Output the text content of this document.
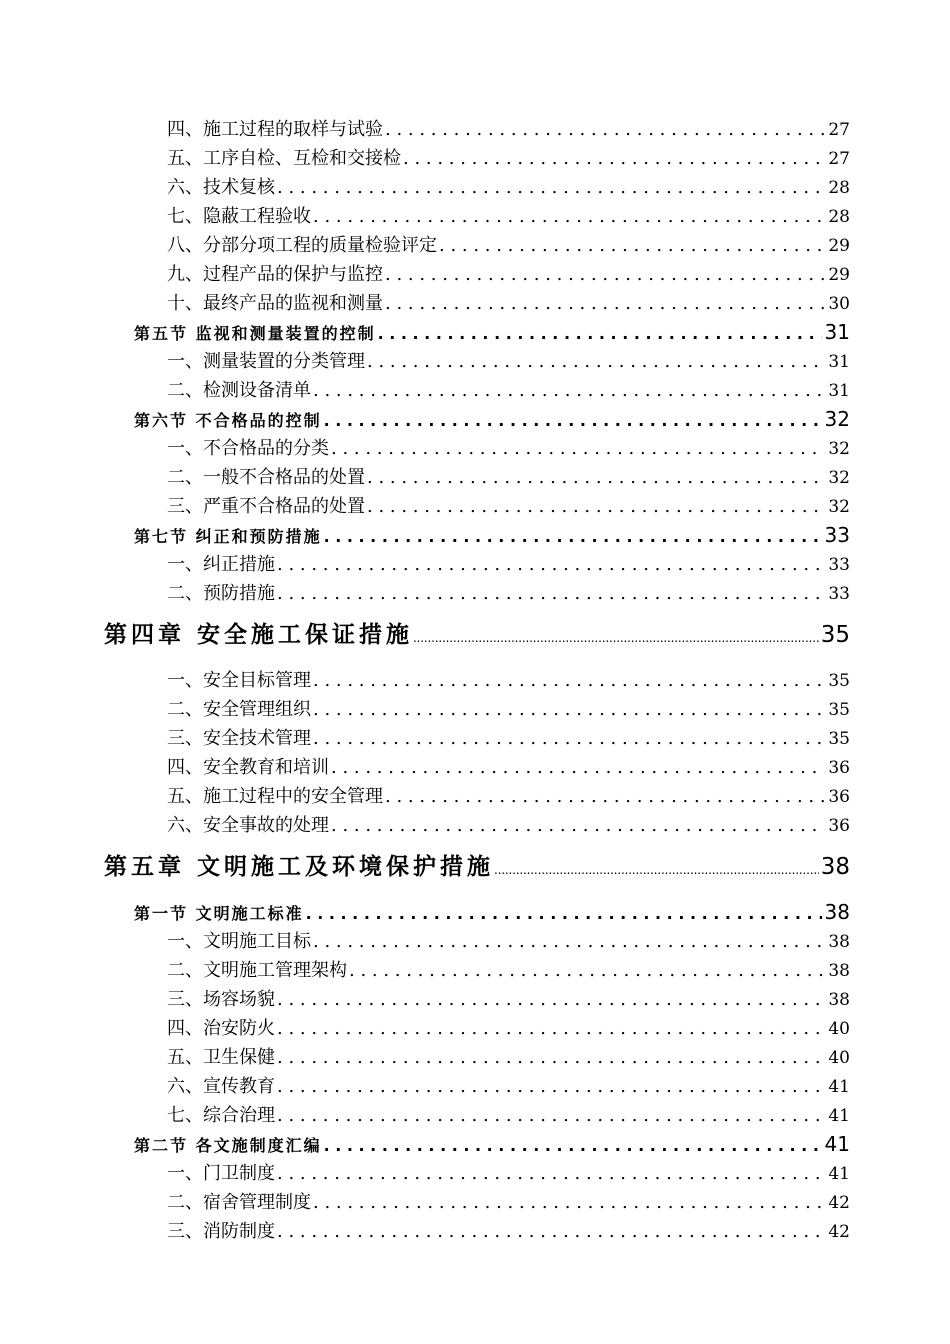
四、施工过程的取样与试验 . . .	27
五、工序自检、互检和交接检 . . .	27
六、技术复核 . . .	28
七、隐蔽工程验收 . . .	28
八、分部分项工程的质量检验评定 . . .	29
九、过程产品的保护与监控 . . .	29
十、最终产品的监视和测量 . . .	30
第五节 监视和测量装置的控制 . . .	31
一、测量装置的分类管理 . . .	31
二、检测设备清单 . . .	31
第六节 不合格品的控制 . . .	32
一、不合格品的分类 . . .	32
二、一般不合格品的处置 . . .	32
三、严重不合格品的处置 . . .	32
第七节 纠正和预防措施 . . .	33
一、纠正措施 . . .	33
二、预防措施 . . .	33
第四章 安全施工保证措施 . . .	35
一、安全目标管理 . . .	35
二、安全管理组织 . . .	35
三、安全技术管理 . . .	35
四、安全教育和培训 . . .	36
五、施工过程中的安全管理 . . .	36
六、安全事故的处理 . . .	36
第五章 文明施工及环境保护措施 . . .	38
第一节 文明施工标准 . . .	38
一、文明施工目标 . . .	38
二、文明施工管理架构 . . .	38
三、场容场貌 . . .	38
四、治安防火 . . .	40
五、卫生保健 . . .	40
六、宣传教育 . . .	41
七、综合治理 . . .	41
第二节 各文施制度汇编 . . .	41
一、门卫制度 . . .	41
二、宿舍管理制度 . . .	42
三、消防制度 . . .	42
